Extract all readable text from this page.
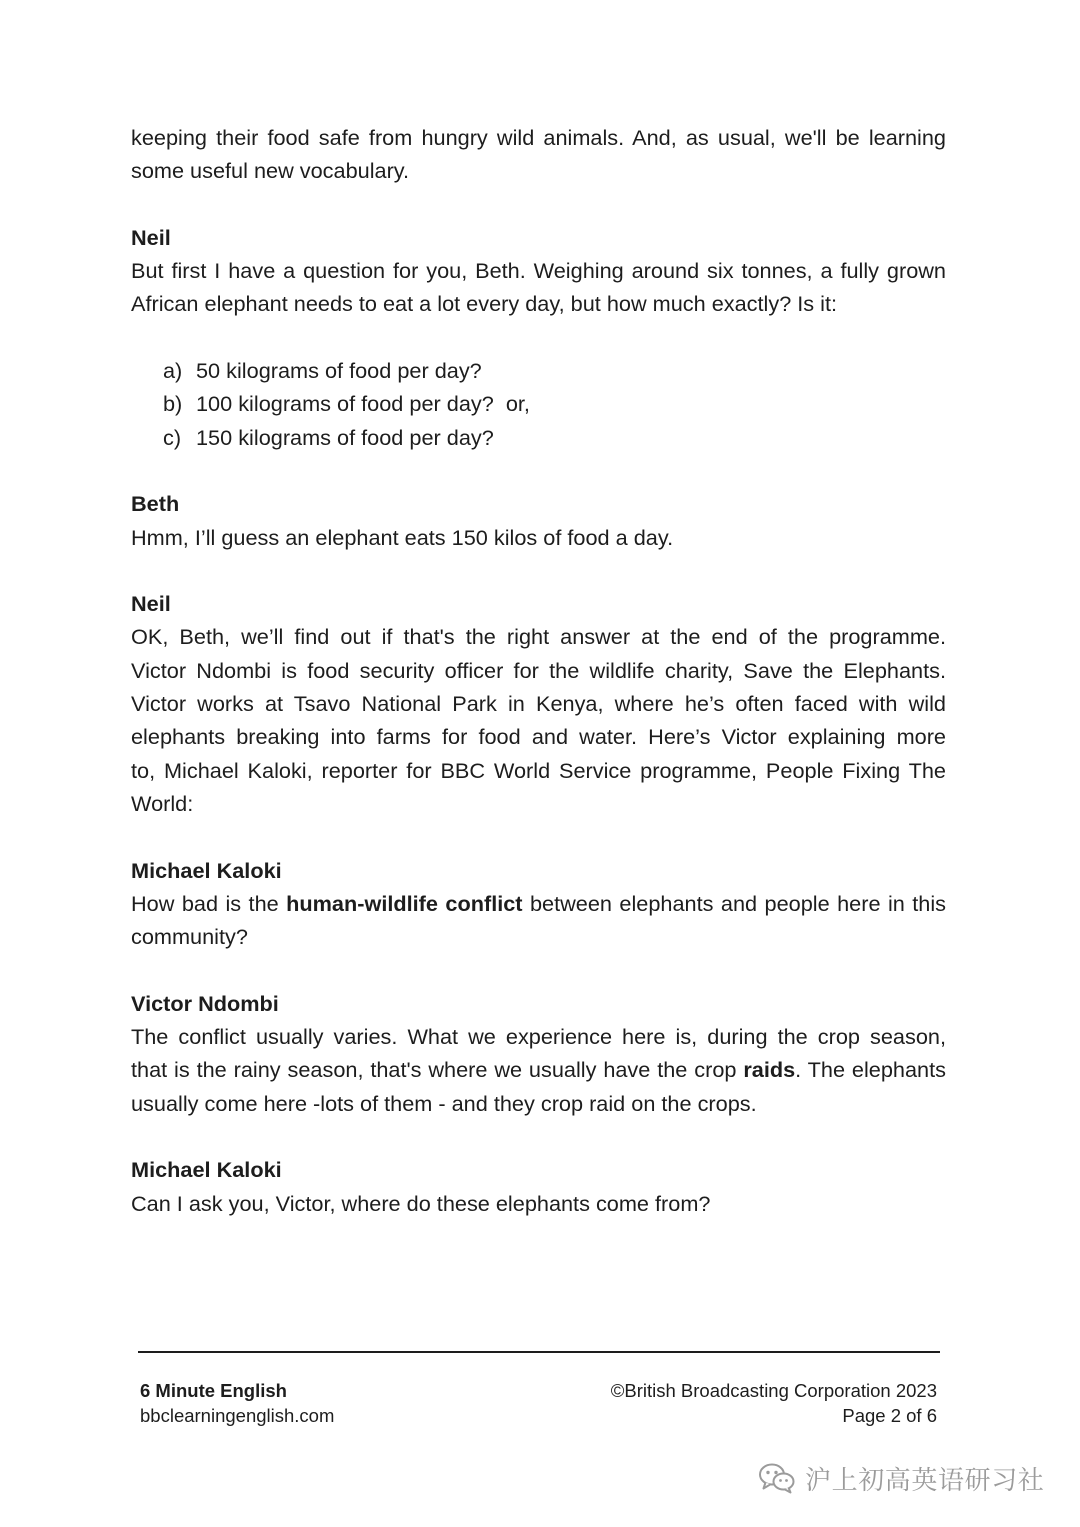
keeping their food safe from hungry wild animals. And, as usual, we'll be learning
some useful new vocabulary.
Neil
But first I have a question for you, Beth. Weighing around six tonnes, a fully grown
African elephant needs to eat a lot every day, but how much exactly? Is it:
a) 50 kilograms of food per day?
b) 100 kilograms of food per day?  or,
c) 150 kilograms of food per day?
Beth
Hmm, I’ll guess an elephant eats 150 kilos of food a day.
Neil
OK, Beth, we’ll find out if that's the right answer at the end of the programme.
Victor Ndombi is food security officer for the wildlife charity, Save the Elephants.
Victor works at Tsavo National Park in Kenya, where he’s often faced with wild
elephants breaking into farms for food and water. Here’s Victor explaining more
to, Michael Kaloki, reporter for BBC World Service programme, People Fixing The
World:
Michael Kaloki
How bad is the human-wildlife conflict between elephants and people here in this
community?
Victor Ndombi
The conflict usually varies. What we experience here is, during the crop season,
that is the rainy season, that's where we usually have the crop raids. The elephants
usually come here -lots of them - and they crop raid on the crops.
Michael Kaloki
Can I ask you, Victor, where do these elephants come from?
6 Minute English
bbclearningenglish.com
©British Broadcasting Corporation 2023
Page 2 of 6
沪上初高英语研习社
